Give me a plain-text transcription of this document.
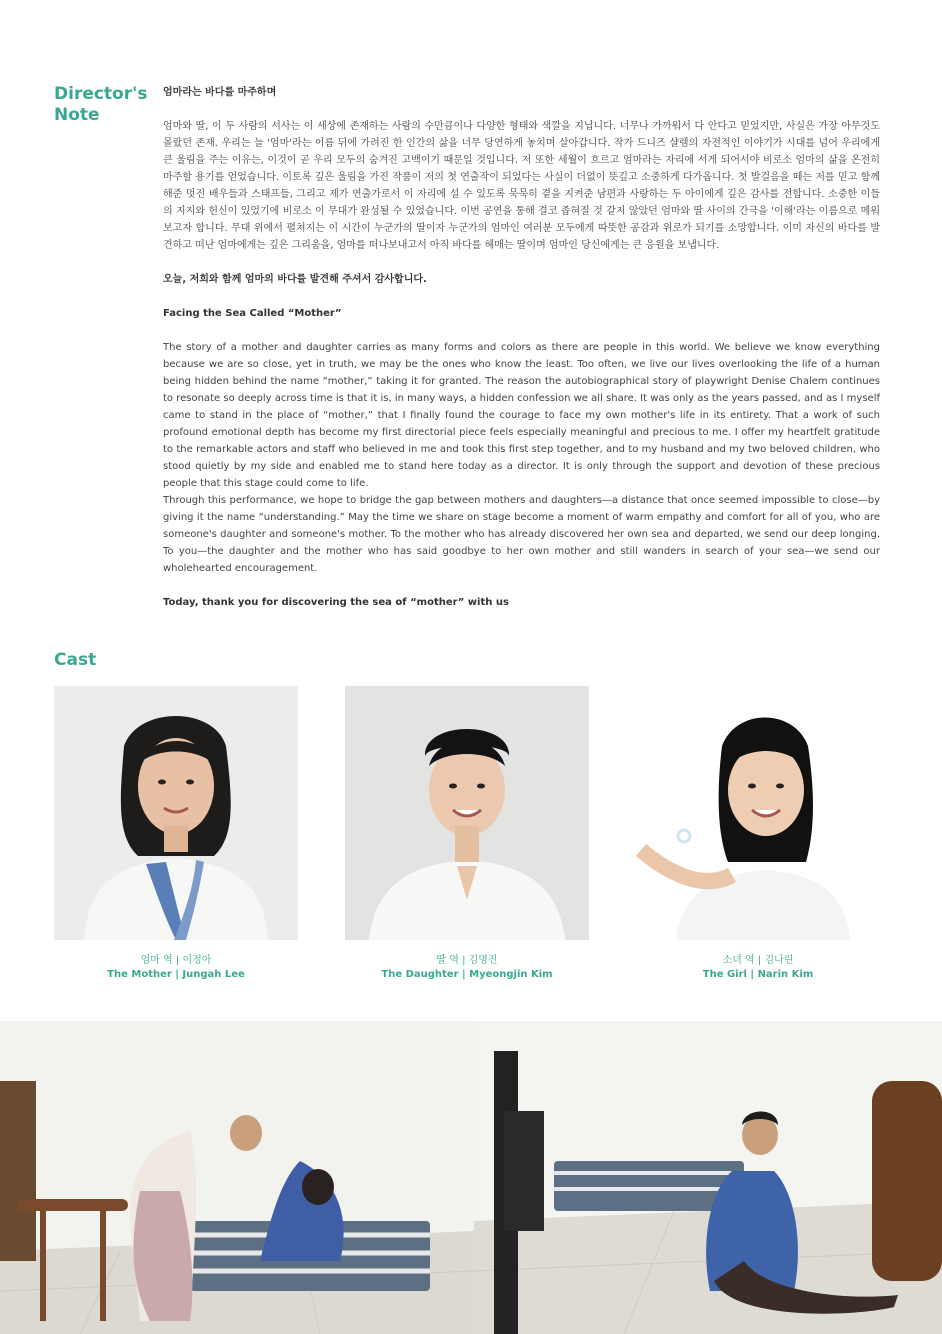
Director's Note

엄마라는 바다를 마주하며

엄마와 딸, 이 두 사람의 서사는 이 세상에 존재하는 사람의 수만큼이나 다양한 형태와 색깔을 지닙니다. 너무나 가까워서 다 안다고 믿었지만, 사실은 가장 아무것도 몰랐던 존재. 우리는 늘 '엄마'라는 이름 뒤에 가려진 한 인간의 삶을 너무 당연하게 놓치며 살아갑니다. 작가 드니즈 샬렘의 자전적인 이야기가 시대를 넘어 우리에게 큰 울림을 주는 이유는, 이것이 곧 우리 모두의 숨겨진 고백이기 때문일 것입니다. 저 또한 세월이 흐르고 엄마라는 자리에 서게 되어서야 비로소 엄마의 삶을 온전히 마주할 용기를 얻었습니다. 이토록 깊은 울림을 가진 작품이 저의 첫 연출작이 되었다는 사실이 더없이 뜻깊고 소중하게 다가옵니다. 첫 발걸음을 떼는 저를 믿고 함께해준 멋진 배우들과 스태프들, 그리고 제가 연출가로서 이 자리에 설 수 있도록 묵묵히 곁을 지켜준 남편과 사랑하는 두 아이에게 깊은 감사를 전합니다. 소중한 이들의 지지와 헌신이 있었기에 비로소 이 무대가 완성될 수 있었습니다. 이번 공연을 통해 결코 좁혀질 것 같지 않았던 엄마와 딸 사이의 간극을 '이해'라는 이름으로 메워보고자 합니다. 무대 위에서 펼쳐지는 이 시간이 누군가의 딸이자 누군가의 엄마인 여러분 모두에게 따뜻한 공감과 위로가 되기를 소망합니다. 이미 자신의 바다를 발견하고 떠난 엄마에게는 깊은 그리움을, 엄마를 떠나보내고서 아직 바다를 헤매는 딸이며 엄마인 당신에게는 큰 응원을 보냅니다.

오늘, 저희와 함께 엄마의 바다를 발견해 주셔서 감사합니다.

Facing the Sea Called “Mother”

The story of a mother and daughter carries as many forms and colors as there are people in this world. We believe we know everything because we are so close, yet in truth, we may be the ones who know the least. Too often, we live our lives overlooking the life of a human being hidden behind the name “mother,” taking it for granted. The reason the autobiographical story of playwright Denise Chalem continues to resonate so deeply across time is that it is, in many ways, a hidden confession we all share. It was only as the years passed, and as I myself came to stand in the place of “mother,” that I finally found the courage to face my own mother's life in its entirety. That a work of such profound emotional depth has become my first directorial piece feels especially meaningful and precious to me. I offer my heartfelt gratitude to the remarkable actors and staff who believed in me and took this first step together, and to my husband and my two beloved children, who stood quietly by my side and enabled me to stand here today as a director. It is only through the support and devotion of these precious people that this stage could come to life.

Through this performance, we hope to bridge the gap between mothers and daughters—a distance that once seemed impossible to close—by giving it the name “understanding.” May the time we share on stage become a moment of warm empathy and comfort for all of you, who are someone's daughter and someone's mother. To the mother who has already discovered her own sea and departed, we send our deep longing. To you—the daughter and the mother who has said goodbye to her own mother and still wanders in search of your sea—we send our wholehearted encouragement.

Today, thank you for discovering the sea of “mother” with us

Cast
엄마 역 | 이정아
The Mother | Jungah Lee
딸 역 | 김명진
The Daughter | Myeongjin Kim
소녀 역 | 김나린
The Girl | Narin Kim
